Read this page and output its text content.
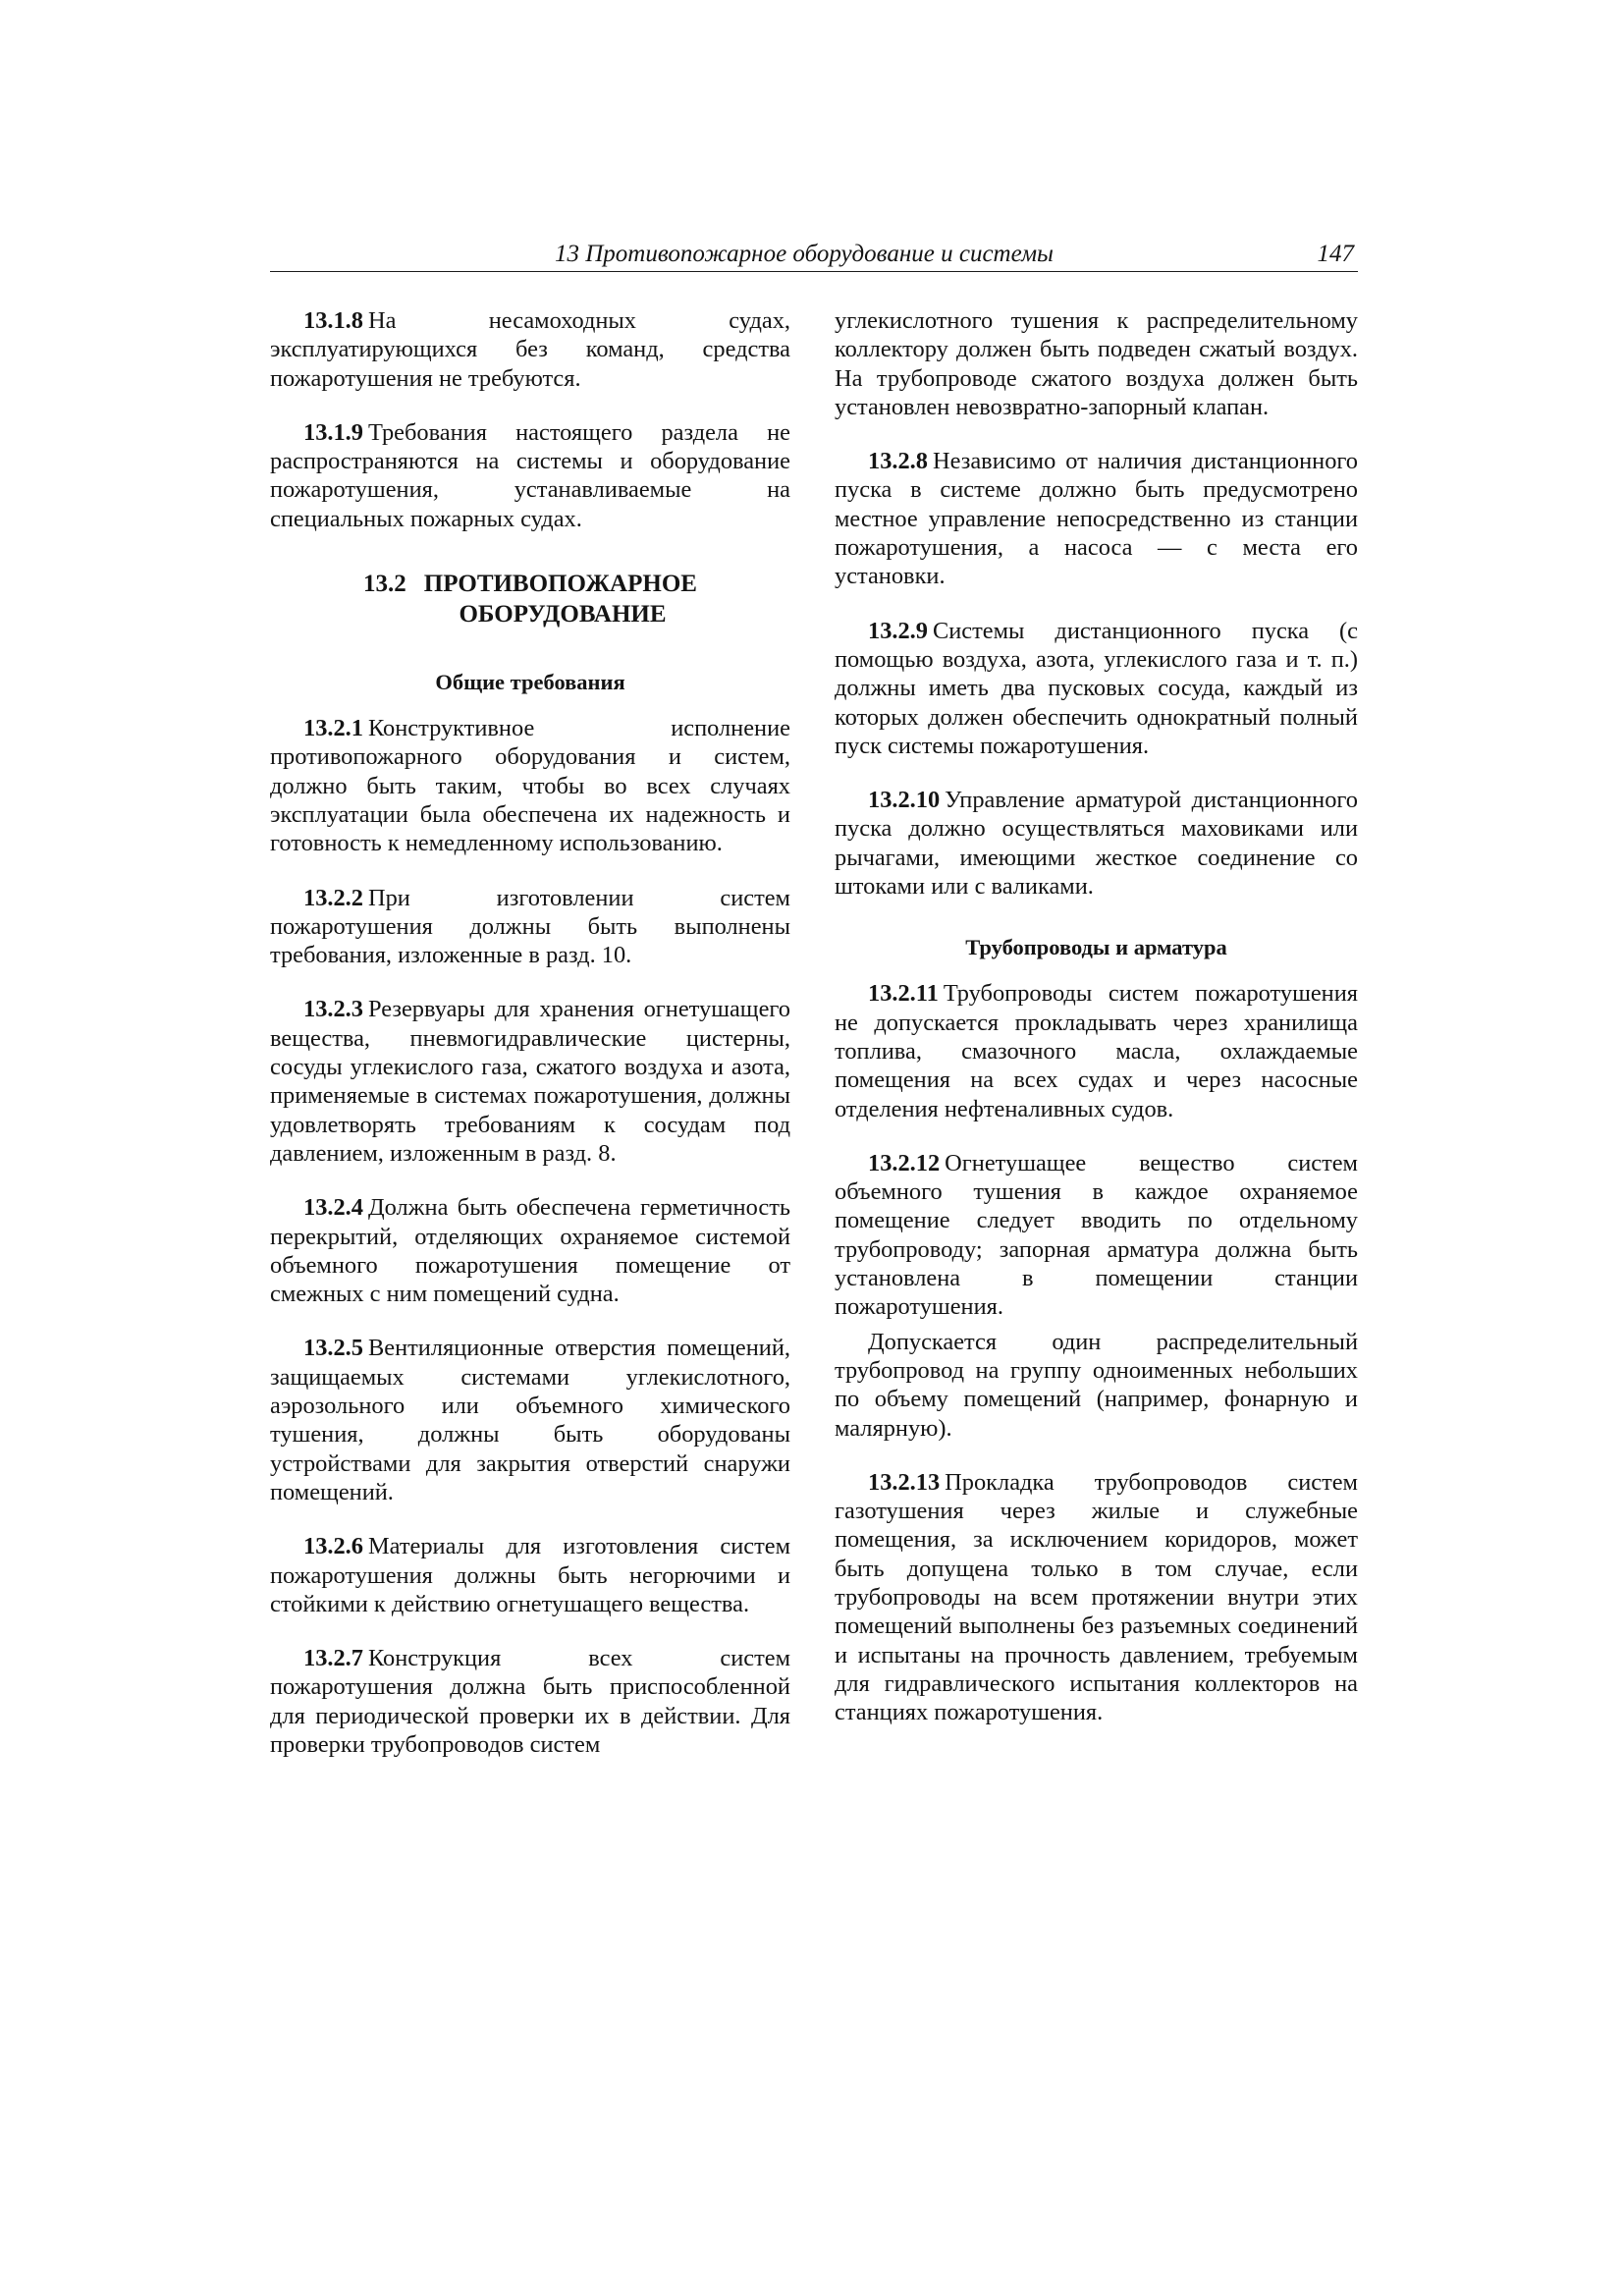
13 Противопожарное оборудование и системы	147

13.1.8 На несамоходных судах, эксплуатирующихся без команд, средства пожаротушения не требуются.

13.1.9 Требования настоящего раздела не распространяются на системы и оборудование пожаротушения, устанавливаемые на специальных пожарных судах.

13.2 ПРОТИВОПОЖАРНОЕ
ОБОРУДОВАНИЕ
Общие требования

13.2.1 Конструктивное исполнение противопожарного оборудования и систем, должно быть таким, чтобы во всех случаях эксплуатации была обеспечена их надежность и готовность к немедленному использованию.

13.2.2 При изготовлении систем пожаротушения должны быть выполнены требования, изложенные в разд. 10.

13.2.3 Резервуары для хранения огнетушащего вещества, пневмогидравлические цистерны, сосуды углекислого газа, сжатого воздуха и азота, применяемые в системах пожаротушения, должны удовлетворять требованиям к сосудам под давлением, изложенным в разд. 8.

13.2.4 Должна быть обеспечена герметичность перекрытий, отделяющих охраняемое системой объемного пожаротушения помещение от смежных с ним помещений судна.

13.2.5 Вентиляционные отверстия помещений, защищаемых системами углекислотного, аэрозольного или объемного химического тушения, должны быть оборудованы устройствами для закрытия отверстий снаружи помещений.

13.2.6 Материалы для изготовления систем пожаротушения должны быть негорючими и стойкими к действию огнетушащего вещества.

13.2.7 Конструкция всех систем пожаротушения должна быть приспособленной для периодической проверки их в действии. Для проверки трубопроводов систем

углекислотного тушения к распределительному коллектору должен быть подведен сжатый воздух. На трубопроводе сжатого воздуха должен быть установлен невозвратно-запорный клапан.

13.2.8 Независимо от наличия дистанционного пуска в системе должно быть предусмотрено местное управление непосредственно из станции пожаротушения, а насоса — с места его установки.

13.2.9 Системы дистанционного пуска (с помощью воздуха, азота, углекислого газа и т. п.) должны иметь два пусковых сосуда, каждый из которых должен обеспечить однократный полный пуск системы пожаротушения.

13.2.10 Управление арматурой дистанционного пуска должно осуществляться маховиками или рычагами, имеющими жесткое соединение со штоками или с валиками.

Трубопроводы и арматура

13.2.11 Трубопроводы систем пожаротушения не допускается прокладывать через хранилища топлива, смазочного масла, охлаждаемые помещения на всех судах и через насосные отделения нефтеналивных судов.

13.2.12 Огнетушащее вещество систем объемного тушения в каждое охраняемое помещение следует вводить по отдельному трубопроводу; запорная арматура должна быть установлена в помещении станции пожаротушения.

Допускается один распределительный трубопровод на группу одноименных небольших по объему помещений (например, фонарную и малярную).

13.2.13 Прокладка трубопроводов систем газотушения через жилые и служебные помещения, за исключением коридоров, может быть допущена только в том случае, если трубопроводы на всем протяжении внутри этих помещений выполнены без разъемных соединений и испытаны на прочность давлением, требуемым для гидравлического испытания коллекторов на станциях пожаротушения.
